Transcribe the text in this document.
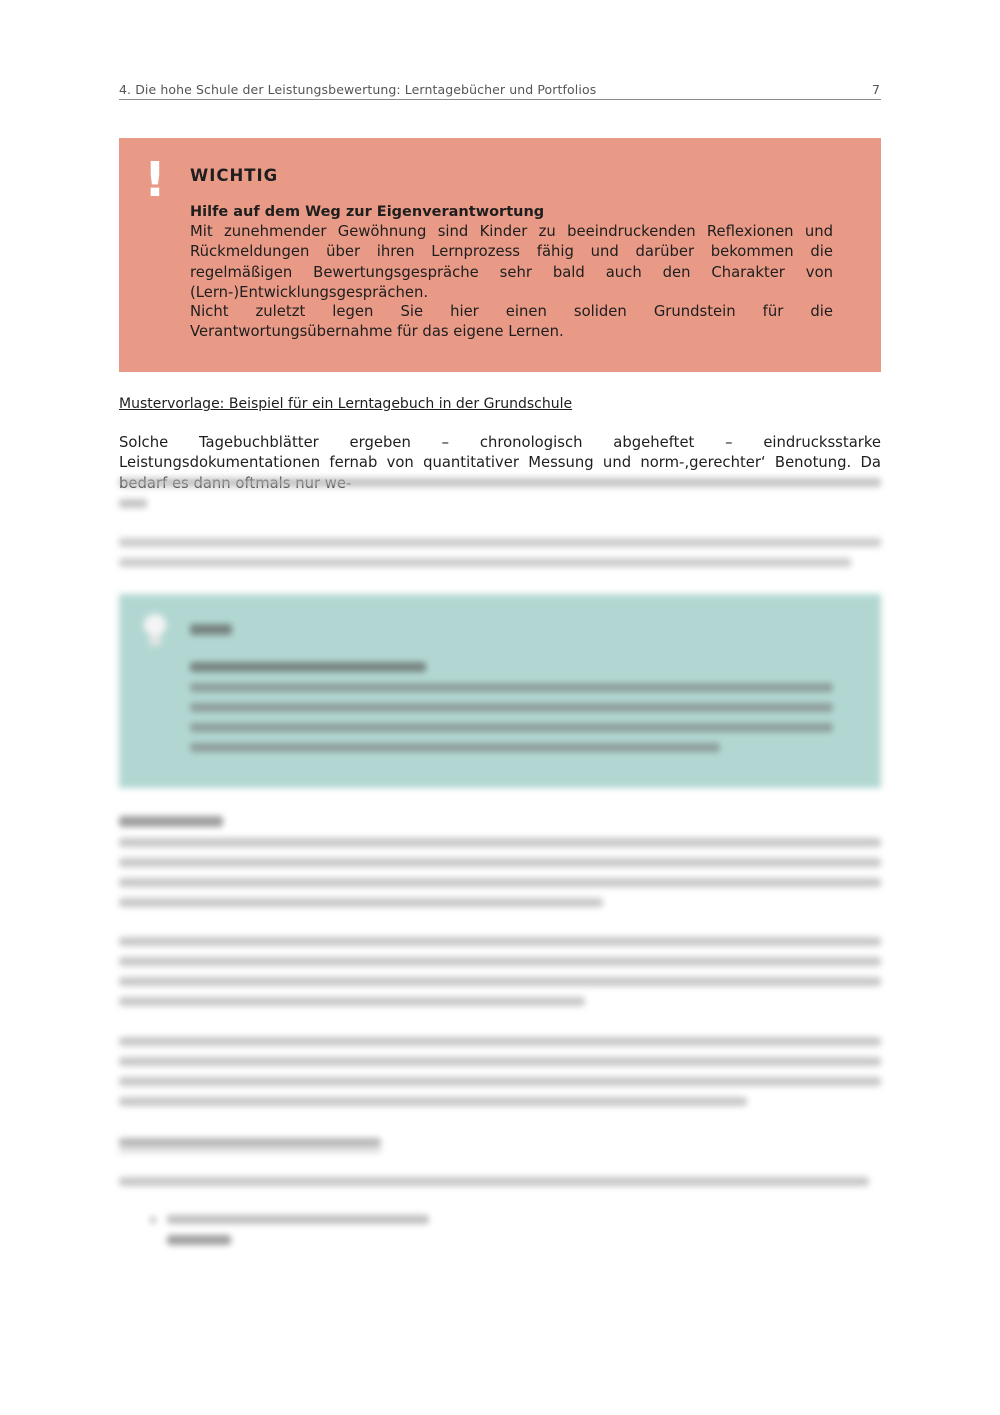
4. Die hohe Schule der Leistungsbewertung: Lerntagebücher und Portfolios	7
! WICHTIG
Hilfe auf dem Weg zur Eigenverantwortung
Mit zunehmender Gewöhnung sind Kinder zu beeindruckenden Reflexionen und Rückmeldungen über ihren Lernprozess fähig und darüber bekommen die regelmäßigen Bewertungsgespräche sehr bald auch den Charakter von (Lern-)Entwicklungsgesprächen.
Nicht zuletzt legen Sie hier einen soliden Grundstein für die Verantwortungsübernahme für das eigene Lernen.
Mustervorlage: Beispiel für ein Lerntagebuch in der Grundschule
Solche Tagebuchblätter ergeben – chronologisch abgeheftet – eindrucksstarke Leistungsdokumentationen fernab von quantitativer Messung und norm-‚gerechter‘ Benotung. Da
